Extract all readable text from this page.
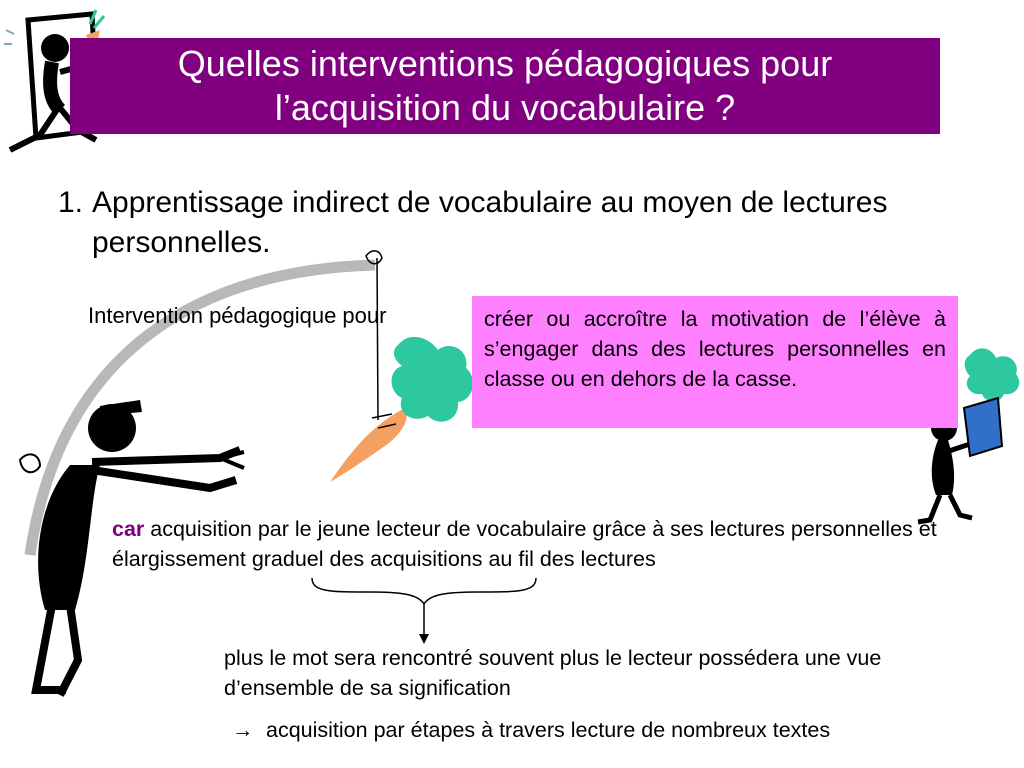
Quelles interventions pédagogiques pour
l’acquisition du vocabulaire ?
1. Apprentissage indirect de vocabulaire au moyen de lectures personnelles.
Intervention pédagogique pour	créer ou accroître la motivation de l’élève à s’engager dans des lectures personnelles en classe ou en dehors de la casse.
car acquisition par le jeune lecteur de vocabulaire grâce à ses lectures personnelles et élargissement graduel des acquisitions au fil des lectures
plus le mot sera rencontré souvent plus le lecteur possédera une vue d’ensemble de sa signification
→ acquisition par étapes à travers lecture de nombreux textes
